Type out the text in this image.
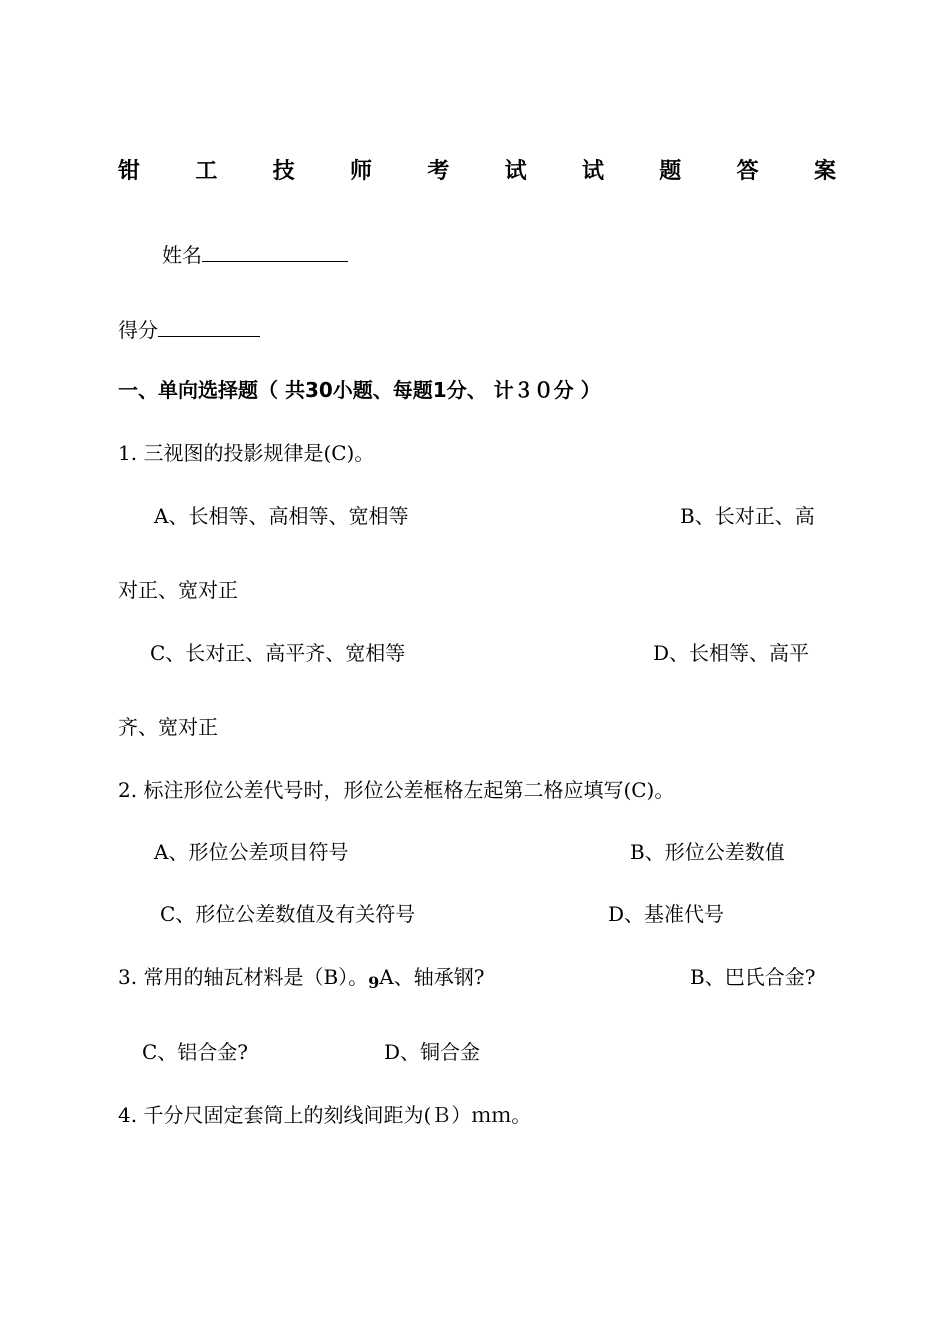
钳	工	技	师	考	试	试	题	答	案
姓名
得分
一、单向选择题（ 共30小题、每题1分、 计３０分 ）
1. 三视图的投影规律是(C)。
A、长相等、高相等、宽相等	B、长对正、高
对正、宽对正
C、长对正、高平齐、宽相等	D、长相等、高平
齐、宽对正
2. 标注形位公差代号时，形位公差框格左起第二格应填写(C)。
A、形位公差项目符号	B、形位公差数值
C、形位公差数值及有关符号	D、基准代号
3. 常用的轴瓦材料是（B）。$_9$A、轴承钢?	B、巴氏合金?
C、铝合金?	D、铜合金
4. 千分尺固定套筒上的刻线间距为(Ｂ）ｍｍ。
